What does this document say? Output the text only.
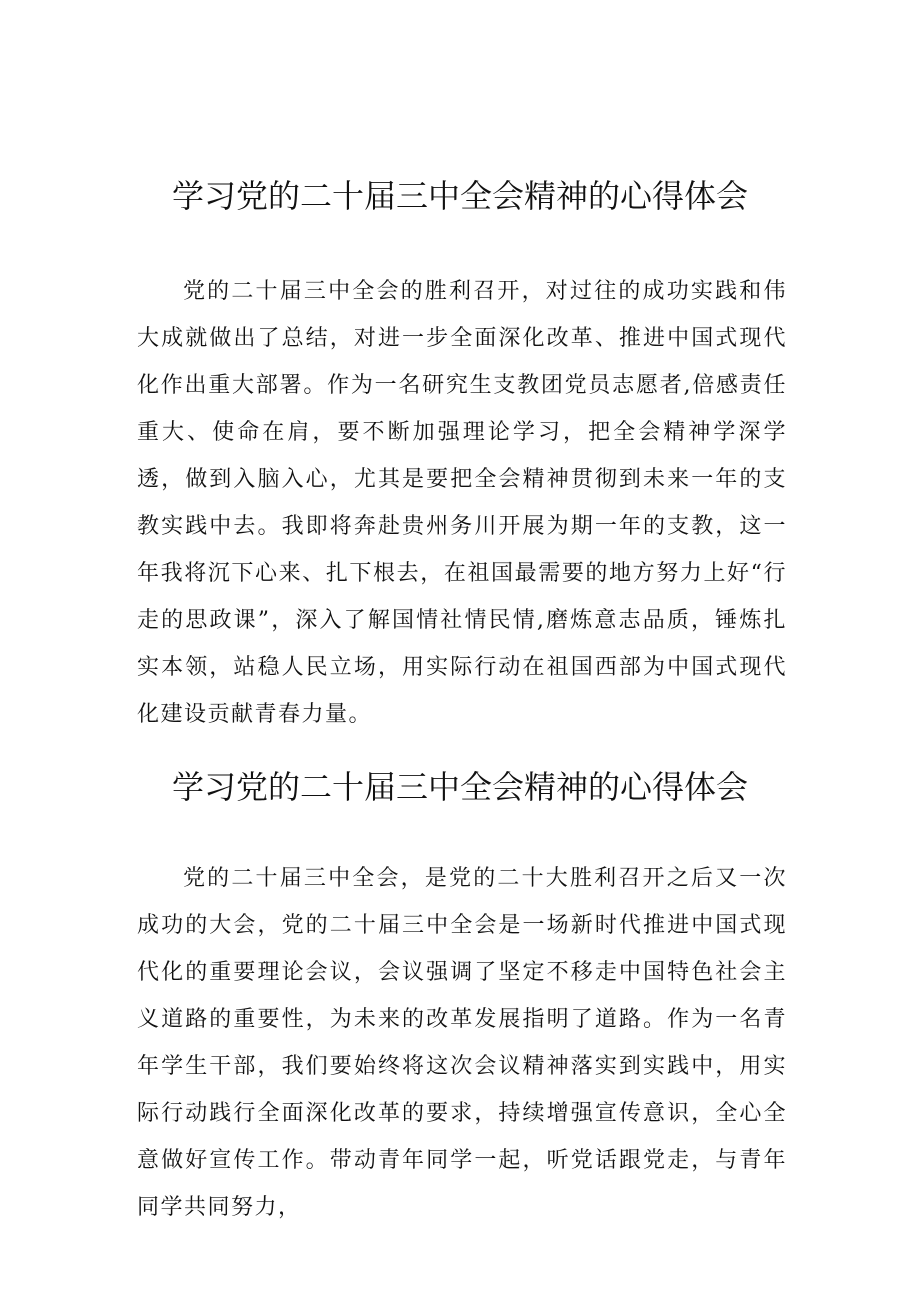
学习党的二十届三中全会精神的心得体会

党的二十届三中全会的胜利召开，对过往的成功实践和伟大成就做出了总结，对进一步全面深化改革、推进中国式现代化作出重大部署。作为一名研究生支教团党员志愿者,倍感责任重大、使命在肩，要不断加强理论学习，把全会精神学深学透，做到入脑入心，尤其是要把全会精神贯彻到未来一年的支教实践中去。我即将奔赴贵州务川开展为期一年的支教，这一年我将沉下心来、扎下根去，在祖国最需要的地方努力上好“行走的思政课”，深入了解国情社情民情,磨炼意志品质，锤炼扎实本领，站稳人民立场，用实际行动在祖国西部为中国式现代化建设贡献青春力量。

学习党的二十届三中全会精神的心得体会

党的二十届三中全会，是党的二十大胜利召开之后又一次成功的大会，党的二十届三中全会是一场新时代推进中国式现代化的重要理论会议，会议强调了坚定不移走中国特色社会主义道路的重要性，为未来的改革发展指明了道路。作为一名青年学生干部，我们要始终将这次会议精神落实到实践中，用实际行动践行全面深化改革的要求，持续增强宣传意识，全心全意做好宣传工作。带动青年同学一起，听党话跟党走，与青年同学共同努力，
